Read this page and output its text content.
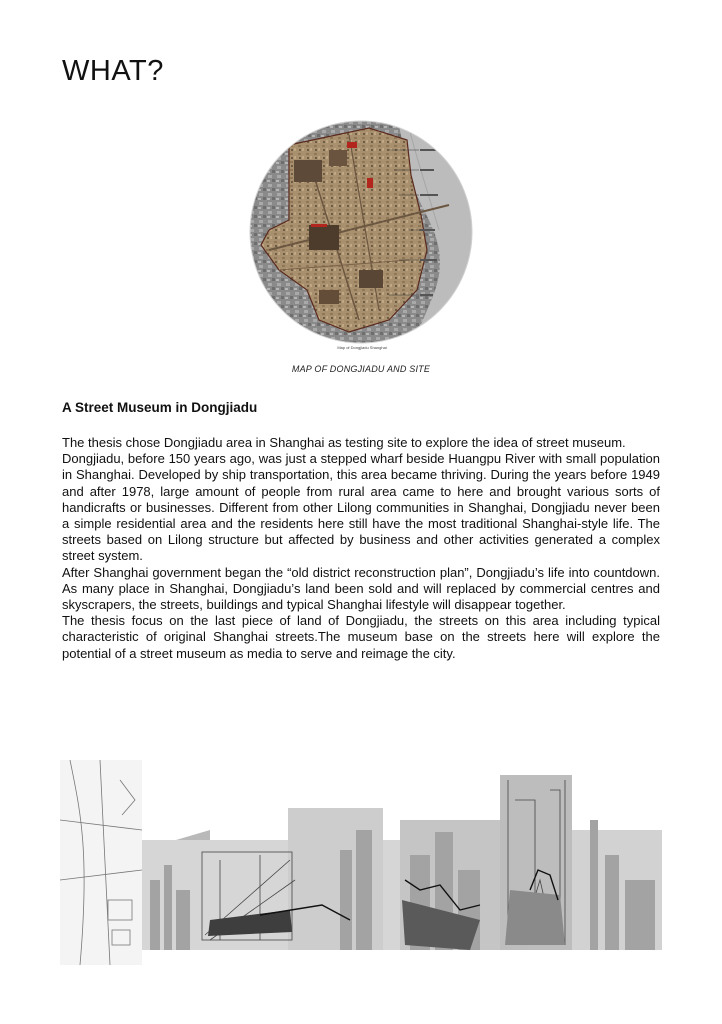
WHAT?
Map of Dongjiadu Shanghai
MAP OF DONGJIADU AND SITE
A Street Museum in Dongjiadu

The thesis chose Dongjiadu area in Shanghai as testing site to explore the idea of street museum.

Dongjiadu, before 150 years ago, was just a stepped wharf beside Huangpu River with small population in Shanghai. Developed by ship transportation, this area became thriving. During the years before 1949 and after 1978, large amount of people from rural area came to here and brought various sorts of handicrafts or businesses. Different from other Lilong communities in Shanghai, Dongjiadu never been a simple residential area and the residents here still have the most traditional Shanghai-style life. The streets based on Lilong structure but affected by business and other activities generated a complex street system.

After Shanghai government began the “old district reconstruction plan”, Dongjiadu’s life into countdown. As many place in Shanghai, Dongjiadu’s land been sold and will replaced by commercial centres and skyscrapers, the streets, buildings and typical Shanghai lifestyle will disappear together.

The thesis focus on the last piece of land of Dongjiadu, the streets on this area including typical characteristic of original Shanghai streets.The museum base on the streets here will explore the potential of a street museum as media to serve and reimage the city.
